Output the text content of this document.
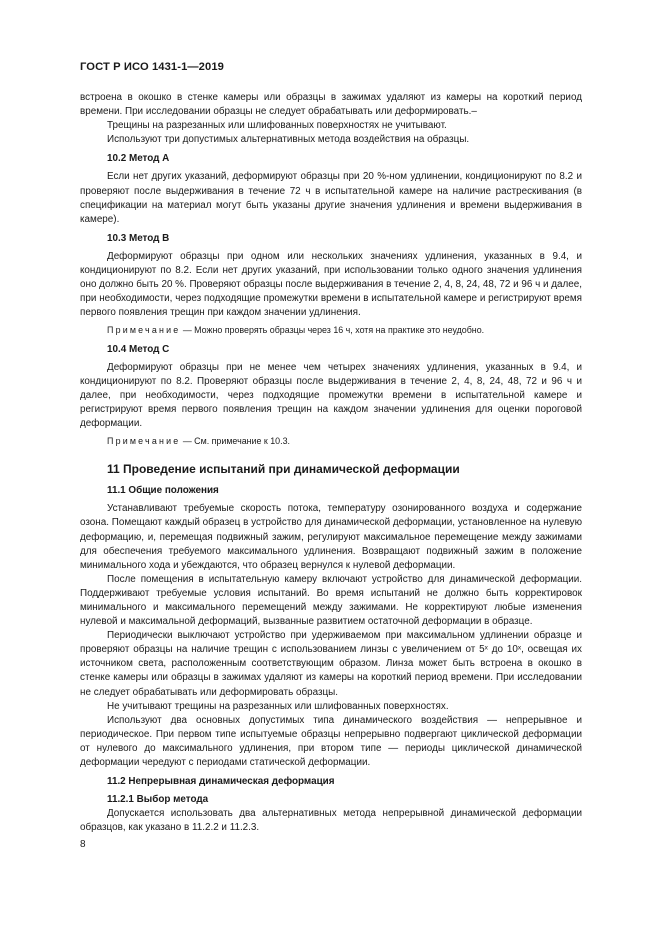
ГОСТ Р ИСО 1431-1—2019

встроена в окошко в стенке камеры или образцы в зажимах удаляют из камеры на короткий период времени. При исследовании образцы не следует обрабатывать или деформировать.–

Трещины на разрезанных или шлифованных поверхностях не учитывают.

Используют три допустимых альтернативных метода воздействия на образцы.

10.2 Метод А

Если нет других указаний, деформируют образцы при 20 %-ном удлинении, кондиционируют по 8.2 и проверяют после выдерживания в течение 72 ч в испытательной камере на наличие растрескивания (в спецификации на материал могут быть указаны другие значения удлинения и времени выдерживания в камере).

10.3 Метод В

Деформируют образцы при одном или нескольких значениях удлинения, указанных в 9.4, и кондиционируют по 8.2. Если нет других указаний, при использовании только одного значения удлинения оно должно быть 20 %. Проверяют образцы после выдерживания в течение 2, 4, 8, 24, 48, 72 и 96 ч и далее, при необходимости, через подходящие промежутки времени в испытательной камере и регистрируют время первого появления трещин при каждом значении удлинения.

Примечание — Можно проверять образцы через 16 ч, хотя на практике это неудобно.

10.4 Метод С

Деформируют образцы при не менее чем четырех значениях удлинения, указанных в 9.4, и кондиционируют по 8.2. Проверяют образцы после выдерживания в течение 2, 4, 8, 24, 48, 72 и 96 ч и далее, при необходимости, через подходящие промежутки времени в испытательной камере и регистрируют время первого появления трещин на каждом значении удлинения для оценки пороговой деформации.

Примечание — См. примечание к 10.3.

11 Проведение испытаний при динамической деформации

11.1 Общие положения

Устанавливают требуемые скорость потока, температуру озонированного воздуха и содержание озона. Помещают каждый образец в устройство для динамической деформации, установленное на нулевую деформацию, и, перемещая подвижный зажим, регулируют максимальное перемещение между зажимами для обеспечения требуемого максимального удлинения. Возвращают подвижный зажим в положение минимального хода и убеждаются, что образец вернулся к нулевой деформации.

После помещения в испытательную камеру включают устройство для динамической деформации. Поддерживают требуемые условия испытаний. Во время испытаний не должно быть корректировок минимального и максимального перемещений между зажимами. Не корректируют любые изменения нулевой и максимальной деформаций, вызванные развитием остаточной деформации в образце.

Периодически выключают устройство при удерживаемом при максимальном удлинении образце и проверяют образцы на наличие трещин с использованием линзы с увеличением от 5ˣ до 10ˣ, освещая их источником света, расположенным соответствующим образом. Линза может быть встроена в окошко в стенке камеры или образцы в зажимах удаляют из камеры на короткий период времени. При исследовании не следует обрабатывать или деформировать образцы.

Не учитывают трещины на разрезанных или шлифованных поверхностях.

Используют два основных допустимых типа динамического воздействия — непрерывное и периодическое. При первом типе испытуемые образцы непрерывно подвергают циклической деформации от нулевого до максимального удлинения, при втором типе — периоды циклической динамической деформации чередуют с периодами статической деформации.

11.2 Непрерывная динамическая деформация

11.2.1 Выбор метода

Допускается использовать два альтернативных метода непрерывной динамической деформации образцов, как указано в 11.2.2 и 11.2.3.

8
